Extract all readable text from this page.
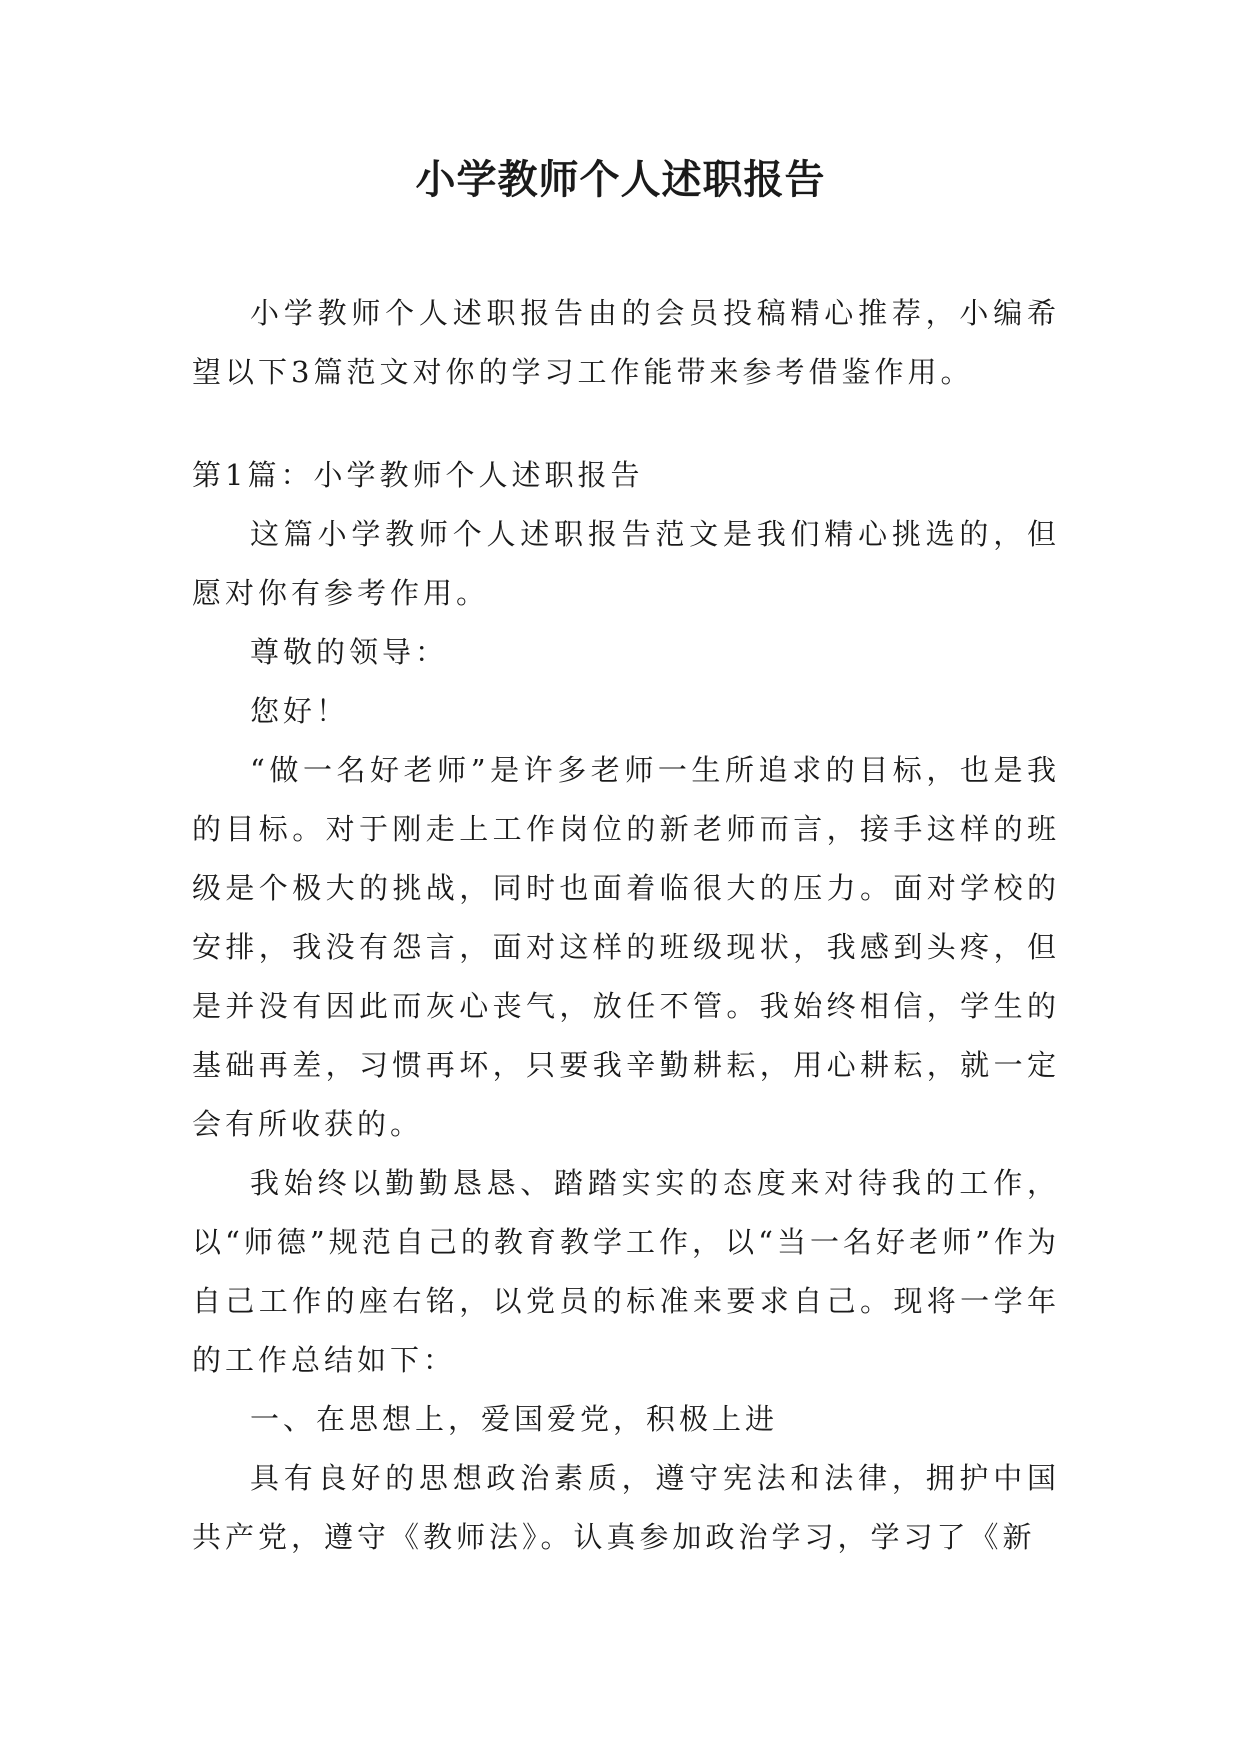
小学教师个人述职报告

小学教师个人述职报告由的会员投稿精心推荐，小编希望以下3篇范文对你的学习工作能带来参考借鉴作用。

第1篇：小学教师个人述职报告

这篇小学教师个人述职报告范文是我们精心挑选的，但愿对你有参考作用。

尊敬的领导：

您好！

“做一名好老师”是许多老师一生所追求的目标，也是我的目标。对于刚走上工作岗位的新老师而言，接手这样的班级是个极大的挑战，同时也面着临很大的压力。面对学校的安排，我没有怨言，面对这样的班级现状，我感到头疼，但是并没有因此而灰心丧气，放任不管。我始终相信，学生的基础再差，习惯再坏，只要我辛勤耕耘，用心耕耘，就一定会有所收获的。

我始终以勤勤恳恳、踏踏实实的态度来对待我的工作，以“师德”规范自己的教育教学工作，以“当一名好老师”作为自己工作的座右铭，以党员的标准来要求自己。现将一学年的工作总结如下：

一、在思想上，爱国爱党，积极上进

具有良好的思想政治素质，遵守宪法和法律，拥护中国共产党，遵守《教师法》。认真参加政治学习，学习了《新
